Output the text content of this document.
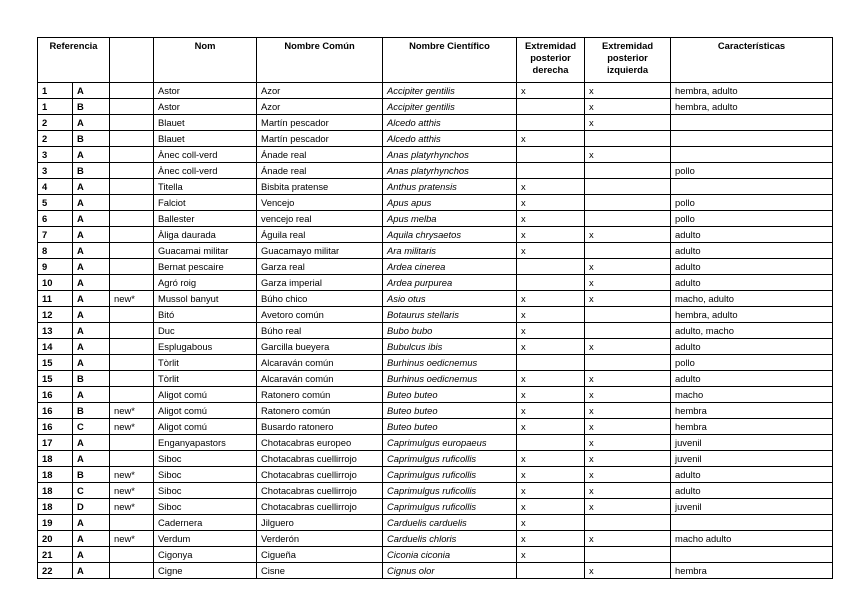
Referencia			Nom	Nombre Común	Nombre Científico	Extremidad posterior derecha	Extremidad posterior izquierda	Características
1	A		Astor	Azor	Accipiter gentilis	x	x	hembra, adulto
1	B		Astor	Azor	Accipiter gentilis		x	hembra, adulto
2	A		Blauet	Martín pescador	Alcedo atthis		x	
2	B		Blauet	Martín pescador	Alcedo atthis	x		
3	A		Ànec coll-verd	Ánade real	Anas platyrhynchos		x	
3	B		Ànec coll-verd	Ánade real	Anas platyrhynchos			pollo
4	A		Titella	Bisbita pratense	Anthus pratensis	x		
5	A		Falciot	Vencejo	Apus apus	x		pollo
6	A		Ballester	vencejo real	Apus melba	x		pollo
7	A		Àliga daurada	Águila real	Aquila chrysaetos	x	x	adulto
8	A		Guacamai militar	Guacamayo militar	Ara militaris	x		adulto
9	A		Bernat pescaire	Garza real	Ardea cinerea		x	adulto
10	A		Agró roig	Garza imperial	Ardea purpurea		x	adulto
11	A	new*	Mussol banyut	Búho chico	Asio otus	x	x	macho, adulto
12	A		Bitó	Avetoro común	Botaurus stellaris	x		hembra, adulto
13	A		Duc	Búho real	Bubo bubo	x		adulto, macho
14	A		Esplugabous	Garcilla bueyera	Bubulcus ibis	x	x	adulto
15	A		Tòrlit	Alcaraván común	Burhinus oedicnemus			pollo
15	B		Tòrlit	Alcaraván común	Burhinus oedicnemus	x	x	adulto
16	A		Aligot comú	Ratonero común	Buteo buteo	x	x	macho
16	B	new*	Aligot comú	Ratonero común	Buteo buteo	x	x	hembra
16	C	new*	Aligot comú	Busardo ratonero	Buteo buteo	x	x	hembra
17	A		Enganyapastors	Chotacabras europeo	Caprimulgus europaeus		x	juvenil
18	A		Siboc	Chotacabras cuellirrojo	Caprimulgus ruficollis	x	x	juvenil
18	B	new*	Siboc	Chotacabras cuellirrojo	Caprimulgus ruficollis	x	x	adulto
18	C	new*	Siboc	Chotacabras cuellirrojo	Caprimulgus ruficollis	x	x	adulto
18	D	new*	Siboc	Chotacabras cuellirrojo	Caprimulgus ruficollis	x	x	juvenil
19	A		Cadernera	Jilguero	Carduelis carduelis	x		
20	A	new*	Verdum	Verderón	Carduelis chloris	x	x	macho adulto
21	A		Cigonya	Cigueña	Ciconia ciconia	x		
22	A		Cigne	Cisne	Cignus olor		x	hembra
